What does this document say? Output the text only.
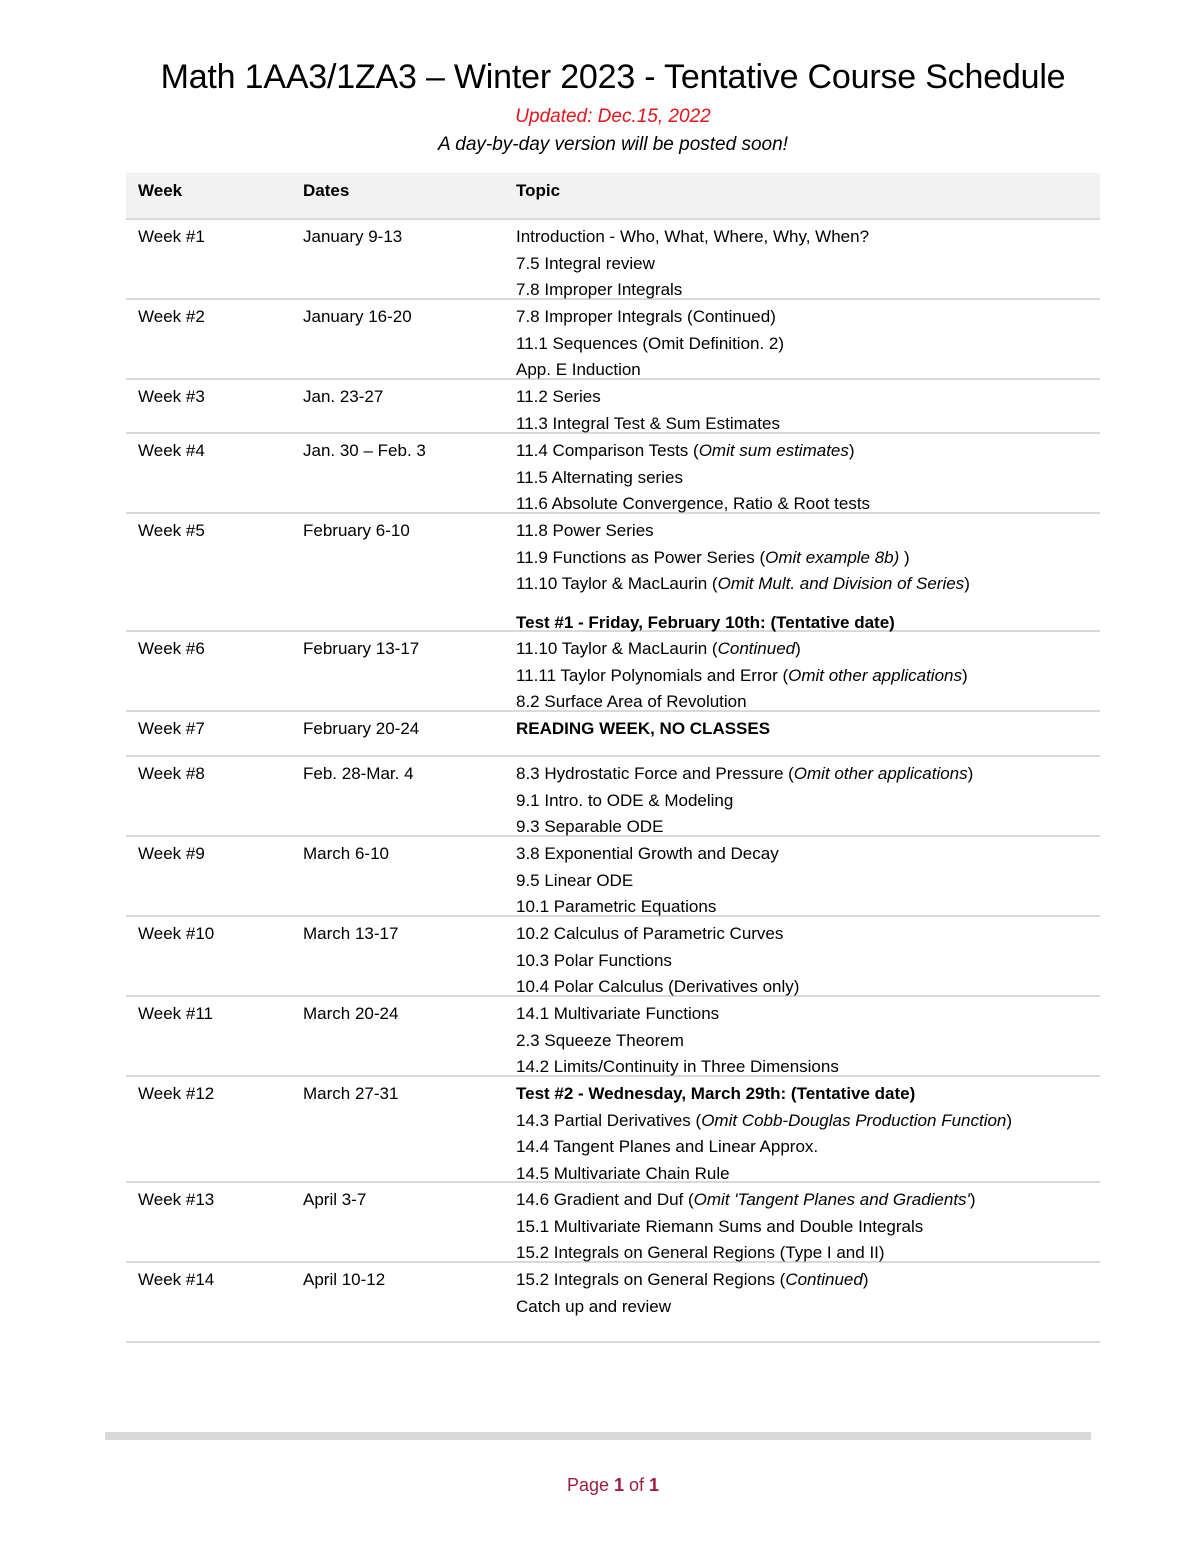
Math 1AA3/1ZA3 – Winter 2023 - Tentative Course Schedule
Updated: Dec.15, 2022
A day-by-day version will be posted soon!
Week	Dates	Topic
Week #1	January 9-13	Introduction - Who, What, Where, Why, When?
7.5 Integral review
7.8 Improper Integrals
Week #2	January 16-20	7.8 Improper Integrals (Continued)
11.1 Sequences (Omit Definition. 2)
App. E Induction
Week #3	Jan. 23-27	11.2 Series
11.3 Integral Test & Sum Estimates
Week #4	Jan. 30 – Feb. 3	11.4 Comparison Tests (Omit sum estimates)
11.5 Alternating series
11.6 Absolute Convergence, Ratio & Root tests
Week #5	February 6-10	11.8 Power Series
11.9 Functions as Power Series (Omit example 8b) )
11.10 Taylor & MacLaurin (Omit Mult. and Division of Series)
Test #1 - Friday, February 10th: (Tentative date)
Week #6	February 13-17	11.10 Taylor & MacLaurin (Continued)
11.11 Taylor Polynomials and Error (Omit other applications)
8.2 Surface Area of Revolution
Week #7	February 20-24	READING WEEK, NO CLASSES
Week #8	Feb. 28-Mar. 4	8.3 Hydrostatic Force and Pressure (Omit other applications)
9.1 Intro. to ODE & Modeling
9.3 Separable ODE
Week #9	March 6-10	3.8 Exponential Growth and Decay
9.5 Linear ODE
10.1 Parametric Equations
Week #10	March 13-17	10.2 Calculus of Parametric Curves
10.3 Polar Functions
10.4 Polar Calculus (Derivatives only)
Week #11	March 20-24	14.1 Multivariate Functions
2.3 Squeeze Theorem
14.2 Limits/Continuity in Three Dimensions
Week #12	March 27-31	Test #2 - Wednesday, March 29th: (Tentative date)
14.3 Partial Derivatives (Omit Cobb-Douglas Production Function)
14.4 Tangent Planes and Linear Approx.
14.5 Multivariate Chain Rule
Week #13	April 3-7	14.6 Gradient and Duf (Omit 'Tangent Planes and Gradients')
15.1 Multivariate Riemann Sums and Double Integrals
15.2 Integrals on General Regions (Type I and II)
Week #14	April 10-12	15.2 Integrals on General Regions (Continued)
Catch up and review
Page 1 of 1
